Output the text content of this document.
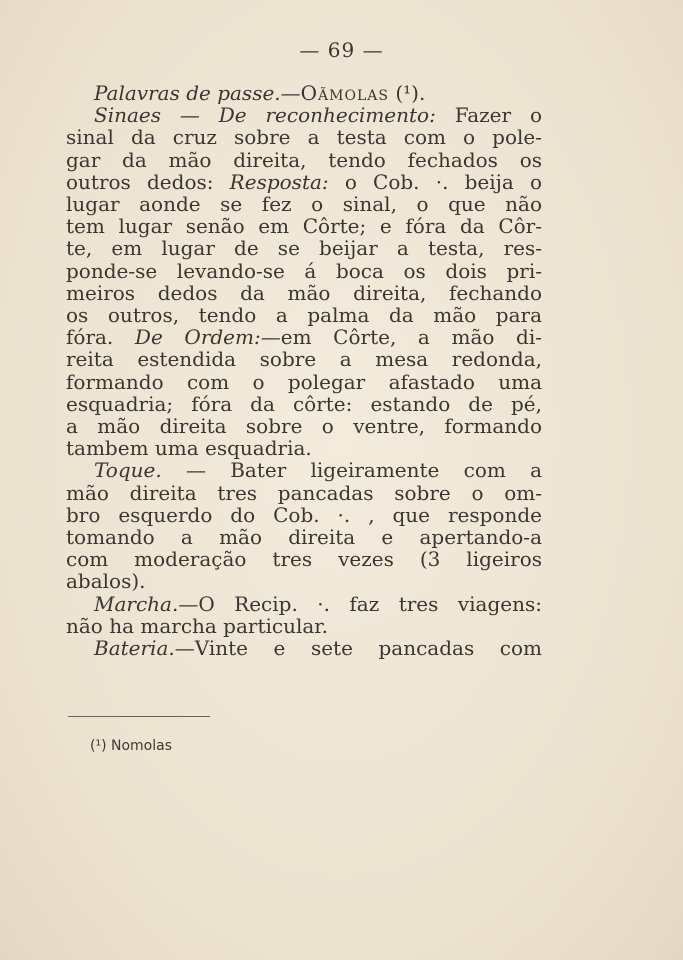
— 69 —
Palavras de passe.—Oãmolas (¹).
Sinaes — De reconhecimento: Fazer o
sinal da cruz sobre a testa com o pole-
gar da mão direita, tendo fechados os
outros dedos: Resposta: o Cob. ·. beija o
lugar aonde se fez o sinal, o que não
tem lugar senão em Côrte; e fóra da Côr-
te, em lugar de se beijar a testa, res-
ponde-se levando-se á boca os dois pri-
meiros dedos da mão direita, fechando
os outros, tendo a palma da mão para
fóra. De Ordem:—em Côrte, a mão di-
reita estendida sobre a mesa redonda,
formando com o polegar afastado uma
esquadria; fóra da côrte: estando de pé,
a mão direita sobre o ventre, formando
tambem uma esquadria.
Toque. — Bater ligeiramente com a
mão direita tres pancadas sobre o om-
bro esquerdo do Cob. ·. , que responde
tomando a mão direita e apertando-a
com moderação tres vezes (3 ligeiros
abalos).
Marcha.—O Recip. ·. faz tres viagens:
não ha marcha particular.
Bateria.—Vinte e sete pancadas com
(¹) Nomolas
